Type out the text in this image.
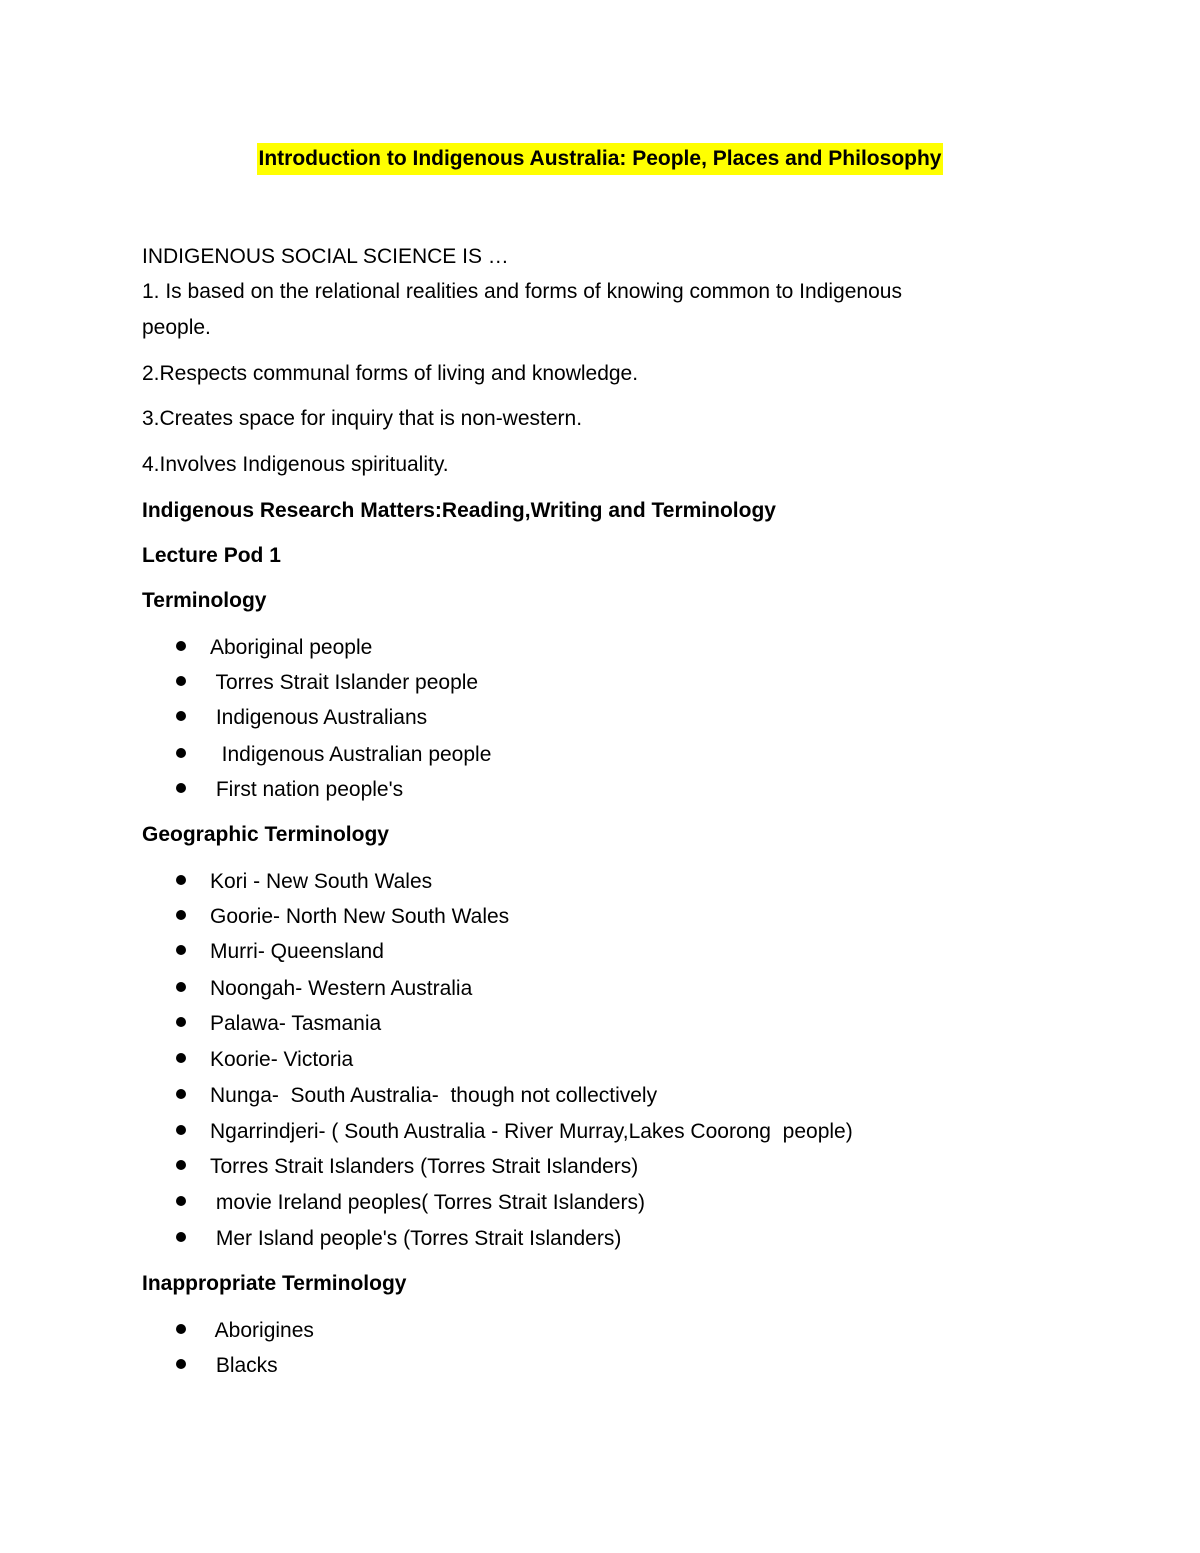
Introduction to Indigenous Australia: People, Places and Philosophy
INDIGENOUS SOCIAL SCIENCE IS …
1. Is based on the relational realities and forms of knowing common to Indigenous
people.
2.Respects communal forms of living and knowledge.
3.Creates space for inquiry that is non-western.
4.Involves Indigenous spirituality.
Indigenous Research Matters:Reading,Writing and Terminology
Lecture Pod 1
Terminology
Aboriginal people
Torres Strait Islander people
Indigenous Australians
Indigenous Australian people
First nation people's
Geographic Terminology
Kori - New South Wales
Goorie- North New South Wales
Murri- Queensland
Noongah- Western Australia
Palawa- Tasmania
Koorie- Victoria
Nunga-  South Australia-  though not collectively
Ngarrindjeri- ( South Australia - River Murray,Lakes Coorong  people)
Torres Strait Islanders (Torres Strait Islanders)
movie Ireland peoples( Torres Strait Islanders)
Mer Island people's (Torres Strait Islanders)
Inappropriate Terminology
Aborigines
Blacks
